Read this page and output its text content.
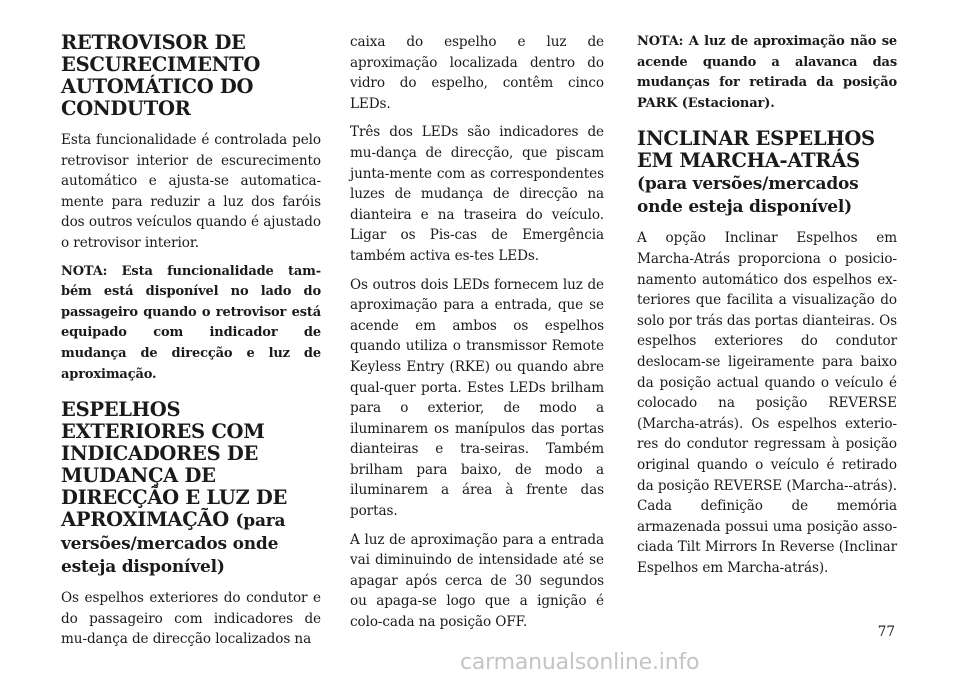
RETROVISOR DE ESCURECIMENTO AUTOMÁTICO DO CONDUTOR

Esta funcionalidade é controlada pelo retrovisor interior de escurecimento automático e ajusta-se automatica-mente para reduzir a luz dos faróis dos outros veículos quando é ajustado o retrovisor interior.

NOTA: Esta funcionalidade tam-bém está disponível no lado do passageiro quando o retrovisor está equipado com indicador de mudança de direcção e luz de aproximação.

ESPELHOS EXTERIORES COM INDICADORES DE MUDANÇA DE DIRECÇÃO E LUZ DE APROXIMAÇÃO (para versões/mercados onde esteja disponível)

Os espelhos exteriores do condutor e do passageiro com indicadores de mu-dança de direcção localizados na

caixa do espelho e luz de aproximação localizada dentro do vidro do espelho, contêm cinco LEDs.

Três dos LEDs são indicadores de mu-dança de direcção, que piscam junta-mente com as correspondentes luzes de mudança de direcção na dianteira e na traseira do veículo. Ligar os Pis-cas de Emergência também activa es-tes LEDs.

Os outros dois LEDs fornecem luz de aproximação para a entrada, que se acende em ambos os espelhos quando utiliza o transmissor Remote Keyless Entry (RKE) ou quando abre qual-quer porta. Estes LEDs brilham para o exterior, de modo a iluminarem os manípulos das portas dianteiras e tra-seiras. Também brilham para baixo, de modo a iluminarem a área à frente das portas.

A luz de aproximação para a entrada vai diminuindo de intensidade até se apagar após cerca de 30 segundos ou apaga-se logo que a ignição é colo-cada na posição OFF.

NOTA: A luz de aproximação não se acende quando a alavanca das mudanças for retirada da posição PARK (Estacionar).

INCLINAR ESPELHOS EM MARCHA-ATRÁS (para versões/mercados onde esteja disponível)

A opção Inclinar Espelhos em Marcha-Atrás proporciona o posicio-namento automático dos espelhos ex-teriores que facilita a visualização do solo por trás das portas dianteiras. Os espelhos exteriores do condutor deslocam-se ligeiramente para baixo da posição actual quando o veículo é colocado na posição REVERSE (Marcha-atrás). Os espelhos exterio-res do condutor regressam à posição original quando o veículo é retirado da posição REVERSE (Marcha--atrás). Cada definição de memória armazenada possui uma posição asso-ciada Tilt Mirrors In Reverse (Inclinar Espelhos em Marcha-atrás).

77
carmanualsonline.info
